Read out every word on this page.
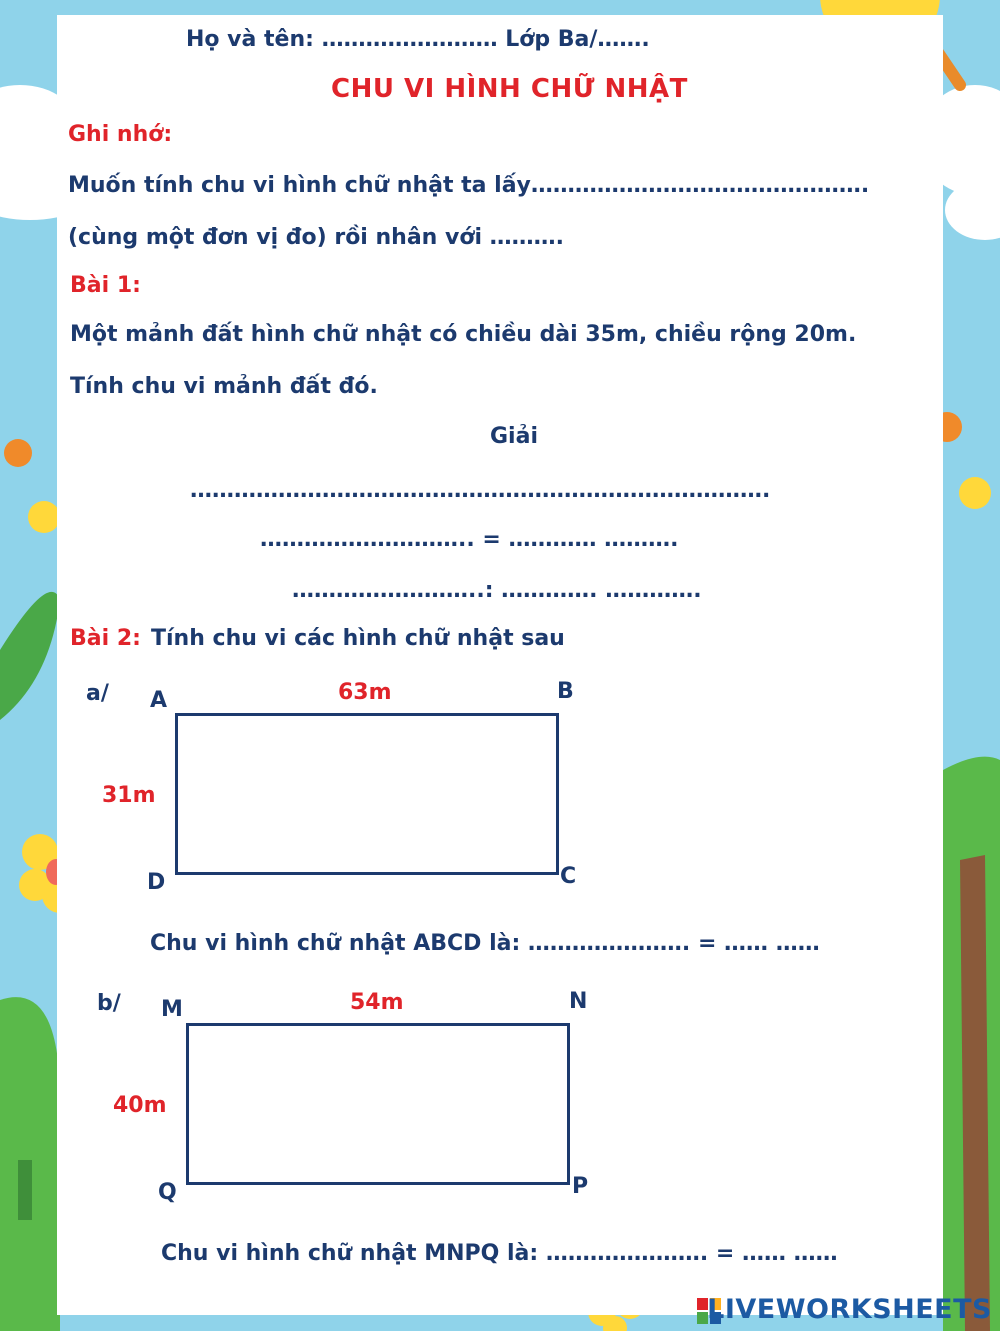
Họ và tên: …………………… Lớp Ba/…….
CHU VI HÌNH CHỮ NHẬT
Ghi nhớ:
Muốn tính chu vi hình chữ nhật ta lấy……………………………………….
(cùng một đơn vị đo) rồi nhân với ……….
Bài 1:
Một mảnh đất hình chữ nhật có chiều dài 35m, chiều rộng 20m.
Tính chu vi mảnh đất đó.
Giải
…………………………………………………………………….
……………………….. = ………… ……….
……………………..: …………. ………….
Bài 2: Tính chu vi các hình chữ nhật sau
a/ A	B
C
D
63m
31m
Chu vi hình chữ nhật ABCD là: …………………. = …… ……
b/ M	N
P
Q
54m
40m
Chu vi hình chữ nhật MNPQ là: …………………. = …… ……
LIVEWORKSHEETS
